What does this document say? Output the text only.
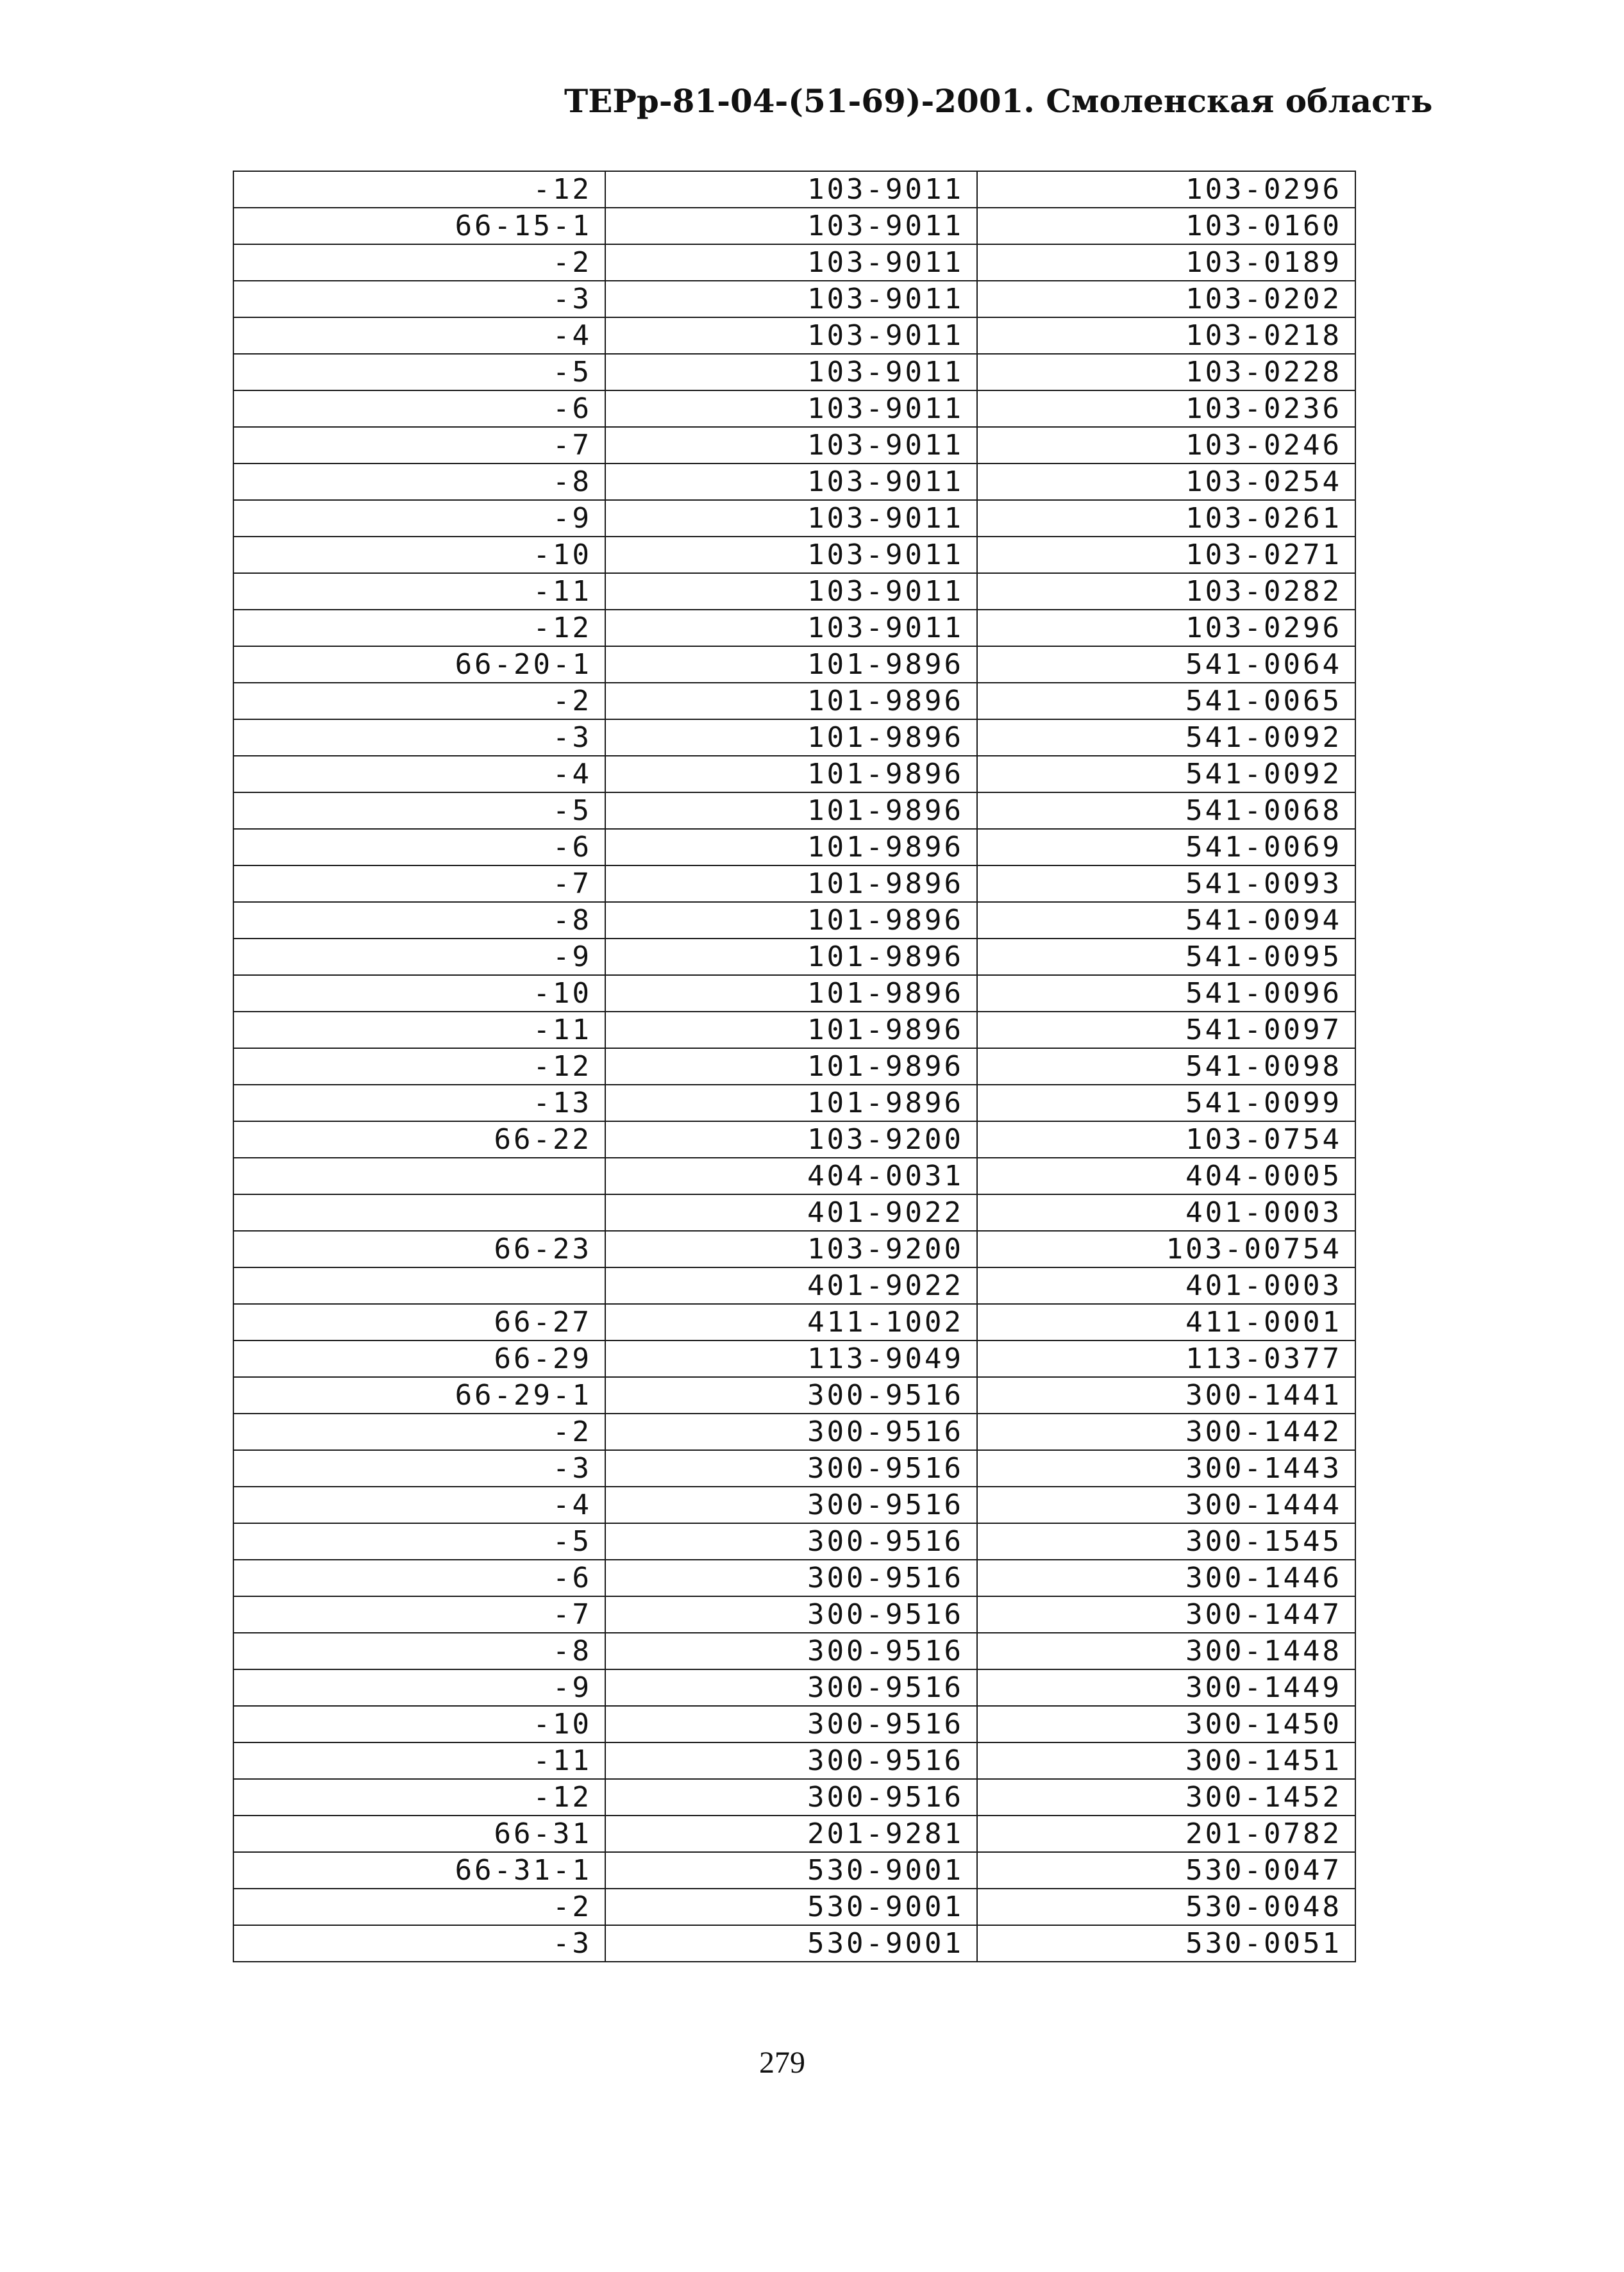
ТЕРр-81-04-(51-69)-2001. Смоленская область
-12	103-9011	103-0296
66-15-1	103-9011	103-0160
-2	103-9011	103-0189
-3	103-9011	103-0202
-4	103-9011	103-0218
-5	103-9011	103-0228
-6	103-9011	103-0236
-7	103-9011	103-0246
-8	103-9011	103-0254
-9	103-9011	103-0261
-10	103-9011	103-0271
-11	103-9011	103-0282
-12	103-9011	103-0296
66-20-1	101-9896	541-0064
-2	101-9896	541-0065
-3	101-9896	541-0092
-4	101-9896	541-0092
-5	101-9896	541-0068
-6	101-9896	541-0069
-7	101-9896	541-0093
-8	101-9896	541-0094
-9	101-9896	541-0095
-10	101-9896	541-0096
-11	101-9896	541-0097
-12	101-9896	541-0098
-13	101-9896	541-0099
66-22	103-9200	103-0754
	404-0031	404-0005
	401-9022	401-0003
66-23	103-9200	103-00754
	401-9022	401-0003
66-27	411-1002	411-0001
66-29	113-9049	113-0377
66-29-1	300-9516	300-1441
-2	300-9516	300-1442
-3	300-9516	300-1443
-4	300-9516	300-1444
-5	300-9516	300-1545
-6	300-9516	300-1446
-7	300-9516	300-1447
-8	300-9516	300-1448
-9	300-9516	300-1449
-10	300-9516	300-1450
-11	300-9516	300-1451
-12	300-9516	300-1452
66-31	201-9281	201-0782
66-31-1	530-9001	530-0047
-2	530-9001	530-0048
-3	530-9001	530-0051
279
